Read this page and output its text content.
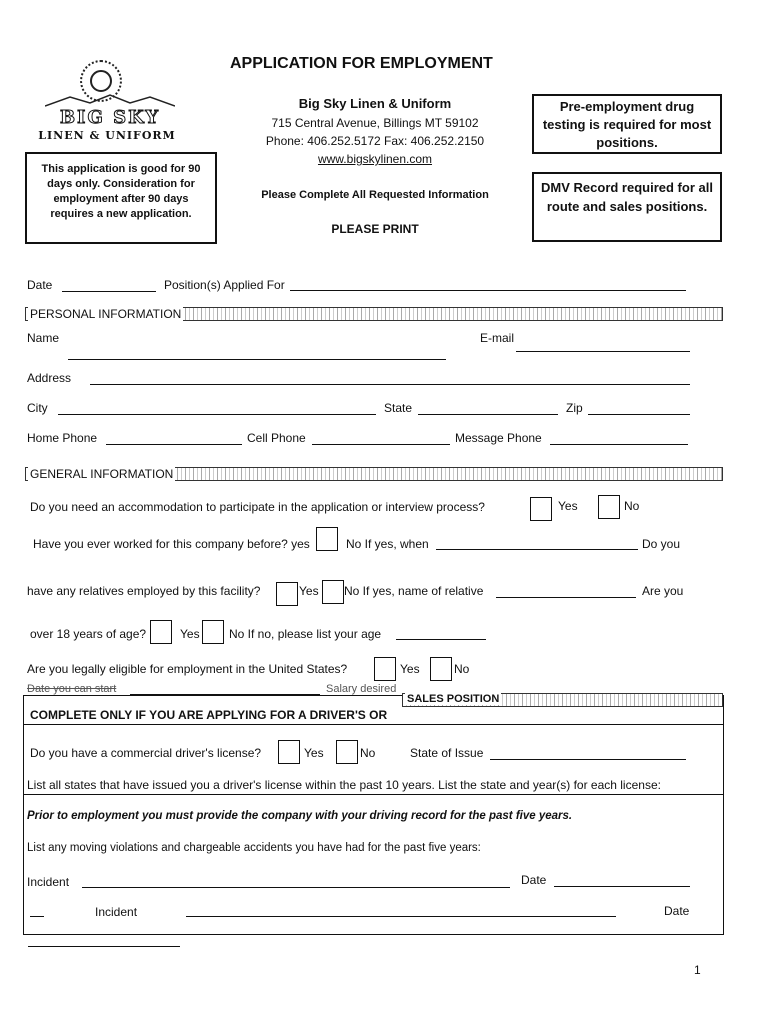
BIG SKY
LINEN & UNIFORM
APPLICATION FOR EMPLOYMENT
Big Sky Linen & Uniform
715 Central Avenue, Billings MT 59102
Phone: 406.252.5172 Fax: 406.252.2150
www.bigskylinen.com
Please Complete All Requested Information
PLEASE PRINT
This application is good for 90 days only. Consideration for employment after 90 days requires a new application.
Pre-employment drug testing is required for most positions.
DMV Record required for all route and sales positions.
Date	Position(s) Applied For
PERSONAL INFORMATION
Name	E-mail
Address
City	State	Zip
Home Phone	Cell Phone	Message Phone
GENERAL INFORMATION
Do you need an accommodation to participate in the application or interview process?	Yes	No
Have you ever worked for this company before? yes	No If yes, when	Do you
have any relatives employed by this facility?	Yes No If yes, name of relative	Are you
over 18 years of age?	Yes No If no, please list your age
Are you legally eligible for employment in the United States?	Yes	No
Date you can start	Salary desired
SALES POSITION
COMPLETE ONLY IF YOU ARE APPLYING FOR A DRIVER'S OR
Do you have a commercial driver's license?	Yes	No	State of Issue
List all states that have issued you a driver's license within the past 10 years. List the state and year(s) for each license:
Prior to employment you must provide the company with your driving record for the past five years.
List any moving violations and chargeable accidents you have had for the past five years:
Incident	Date
Incident	Date
1
